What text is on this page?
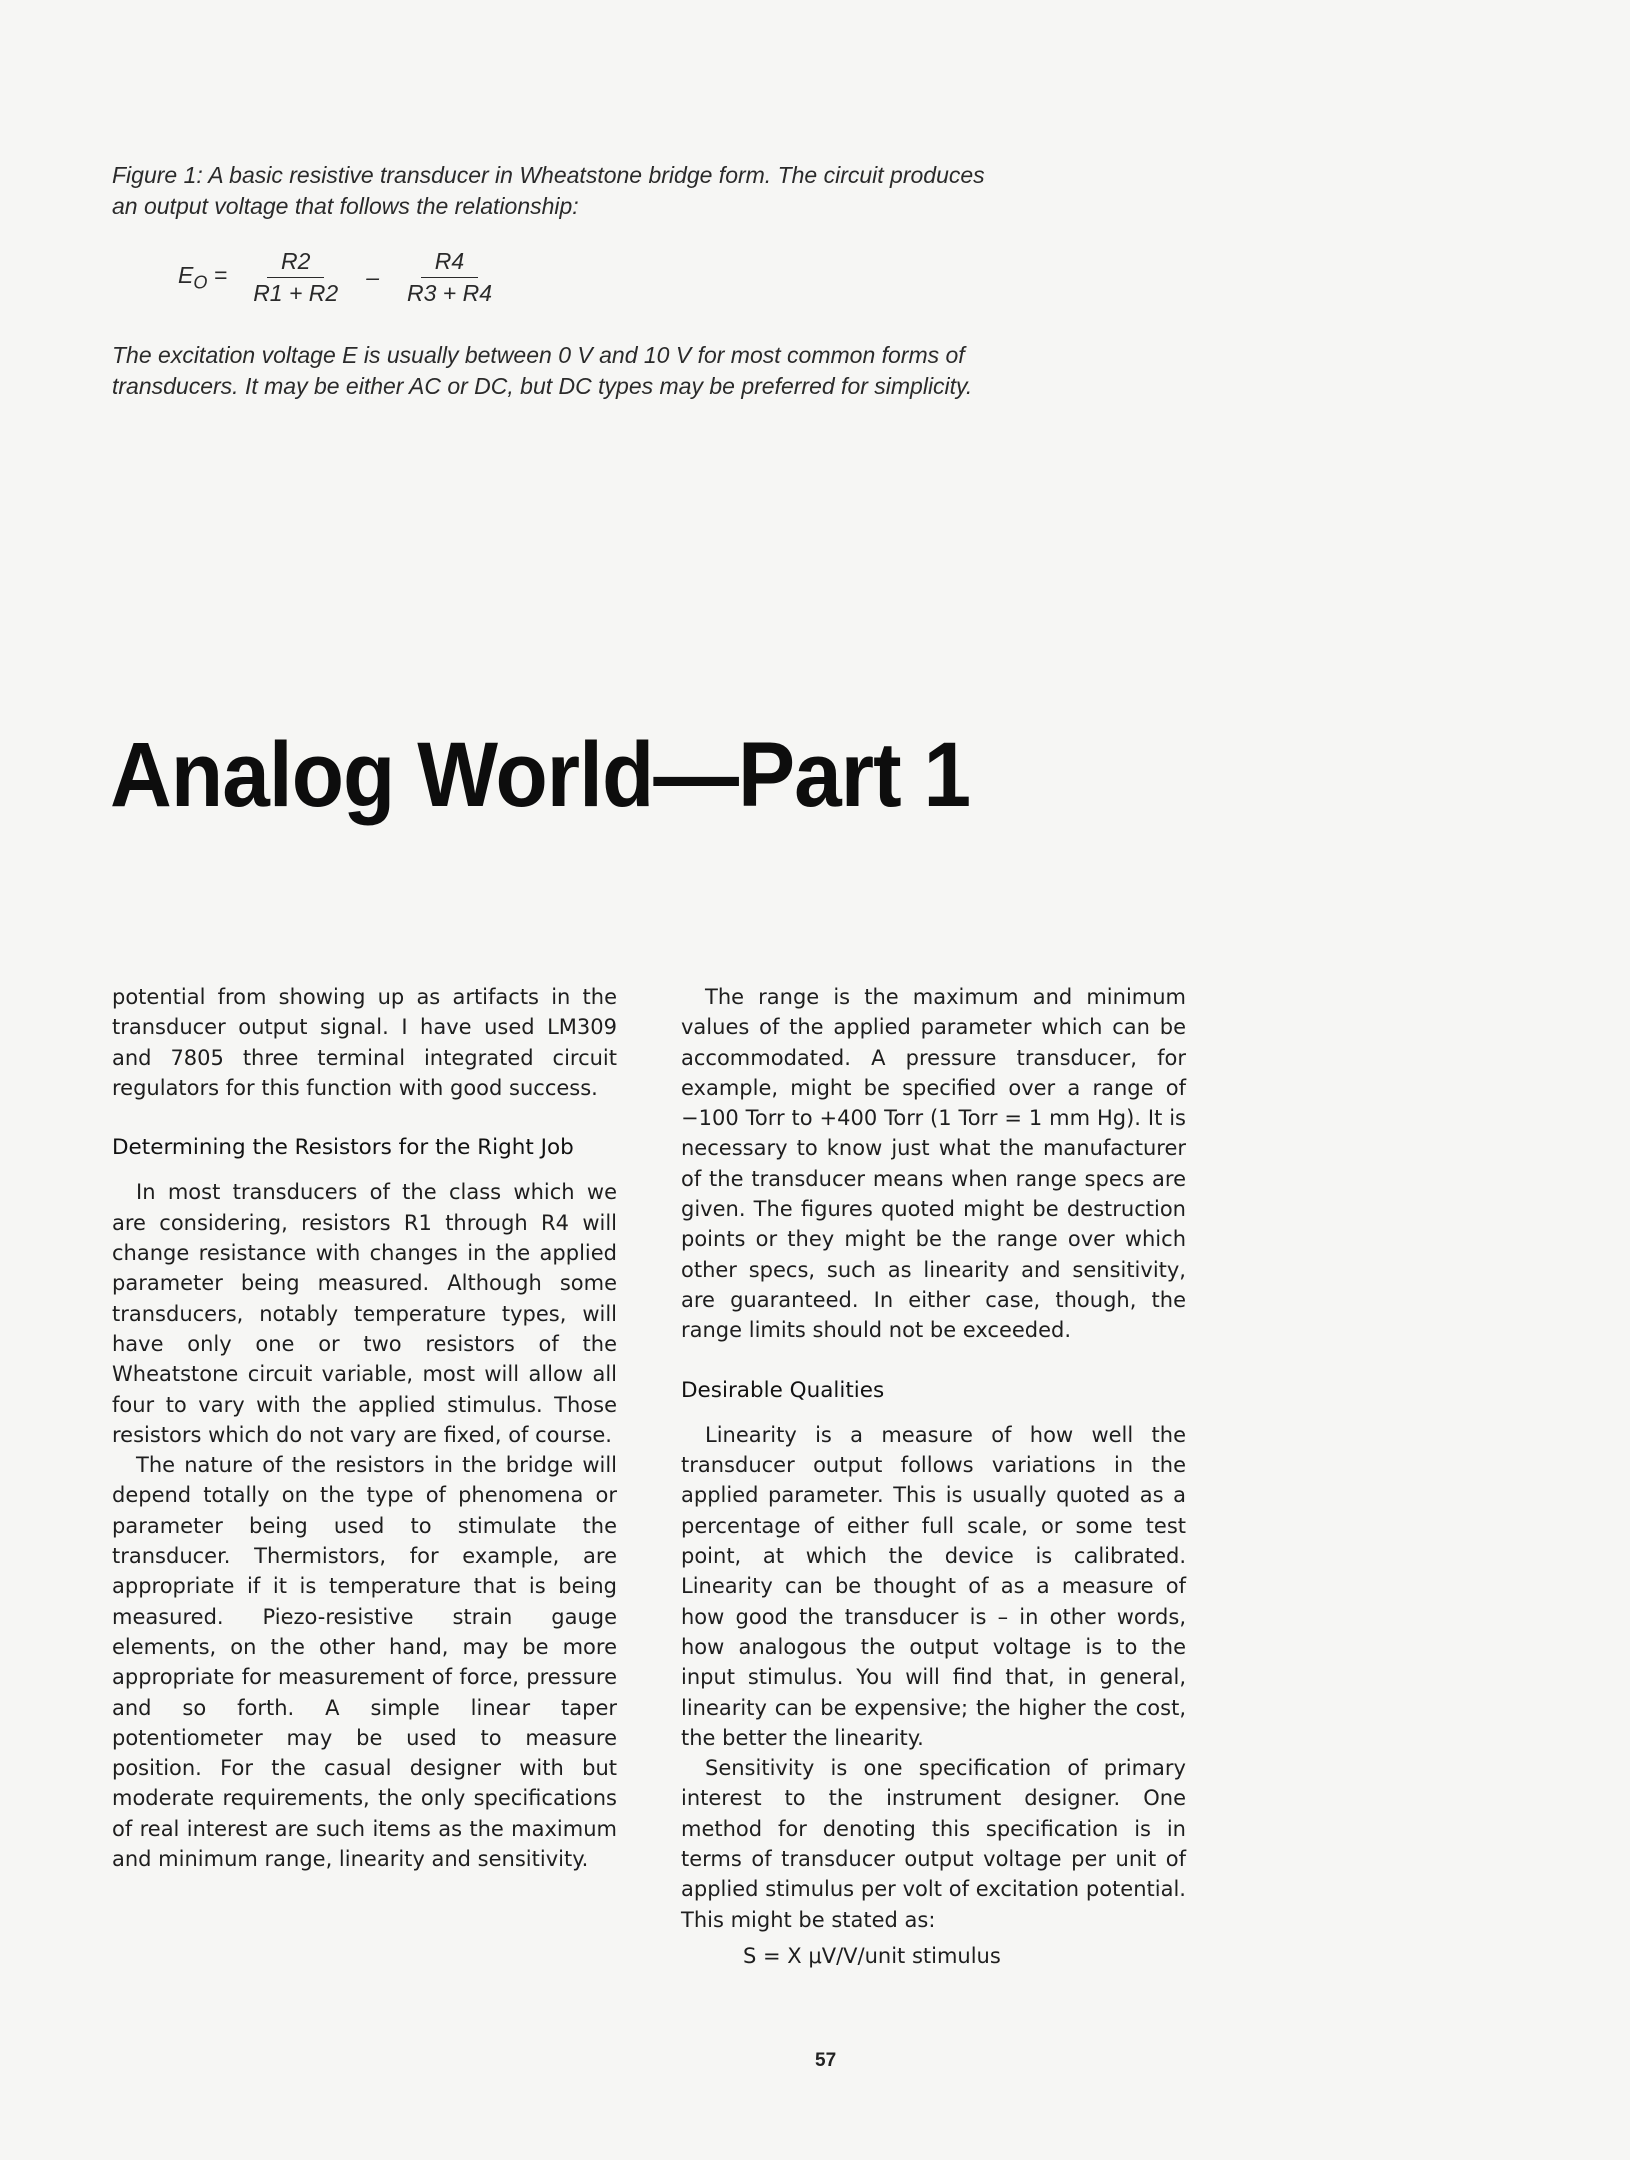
Figure 1: A basic resistive transducer in Wheatstone bridge form. The circuit produces an output voltage that follows the relationship:

$E_O = \frac{R2}{R1 + R2} - \frac{R4}{R3 + R4}$
The excitation voltage E is usually between 0 V and 10 V for most common forms of transducers. It may be either AC or DC, but DC types may be preferred for simplicity.
Analog World—Part 1

potential from showing up as artifacts in the transducer output signal. I have used LM309 and 7805 three terminal integrated circuit regulators for this function with good success.

Determining the Resistors for the Right Job

In most transducers of the class which we are considering, resistors R1 through R4 will change resistance with changes in the applied parameter being measured. Although some transducers, notably temperature types, will have only one or two resistors of the Wheatstone circuit variable, most will allow all four to vary with the applied stimulus. Those resistors which do not vary are fixed, of course.

The nature of the resistors in the bridge will depend totally on the type of phenomena or parameter being used to stimulate the transducer. Thermistors, for example, are appropriate if it is temperature that is being measured. Piezo-resistive strain gauge elements, on the other hand, may be more appropriate for measurement of force, pressure and so forth. A simple linear taper potentiometer may be used to measure position. For the casual designer with but moderate requirements, the only specifications of real interest are such items as the maximum and minimum range, linearity and sensitivity.

The range is the maximum and minimum values of the applied parameter which can be accommodated. A pressure transducer, for example, might be specified over a range of −100 Torr to +400 Torr (1 Torr = 1 mm Hg). It is necessary to know just what the manufacturer of the transducer means when range specs are given. The figures quoted might be destruction points or they might be the range over which other specs, such as linearity and sensitivity, are guaranteed. In either case, though, the range limits should not be exceeded.

Desirable Qualities

Linearity is a measure of how well the transducer output follows variations in the applied parameter. This is usually quoted as a percentage of either full scale, or some test point, at which the device is calibrated. Linearity can be thought of as a measure of how good the transducer is – in other words, how analogous the output voltage is to the input stimulus. You will find that, in general, linearity can be expensive; the higher the cost, the better the linearity.

Sensitivity is one specification of primary interest to the instrument designer. One method for denoting this specification is in terms of transducer output voltage per unit of applied stimulus per volt of excitation potential. This might be stated as:

S = X μV/V/unit stimulus

57
